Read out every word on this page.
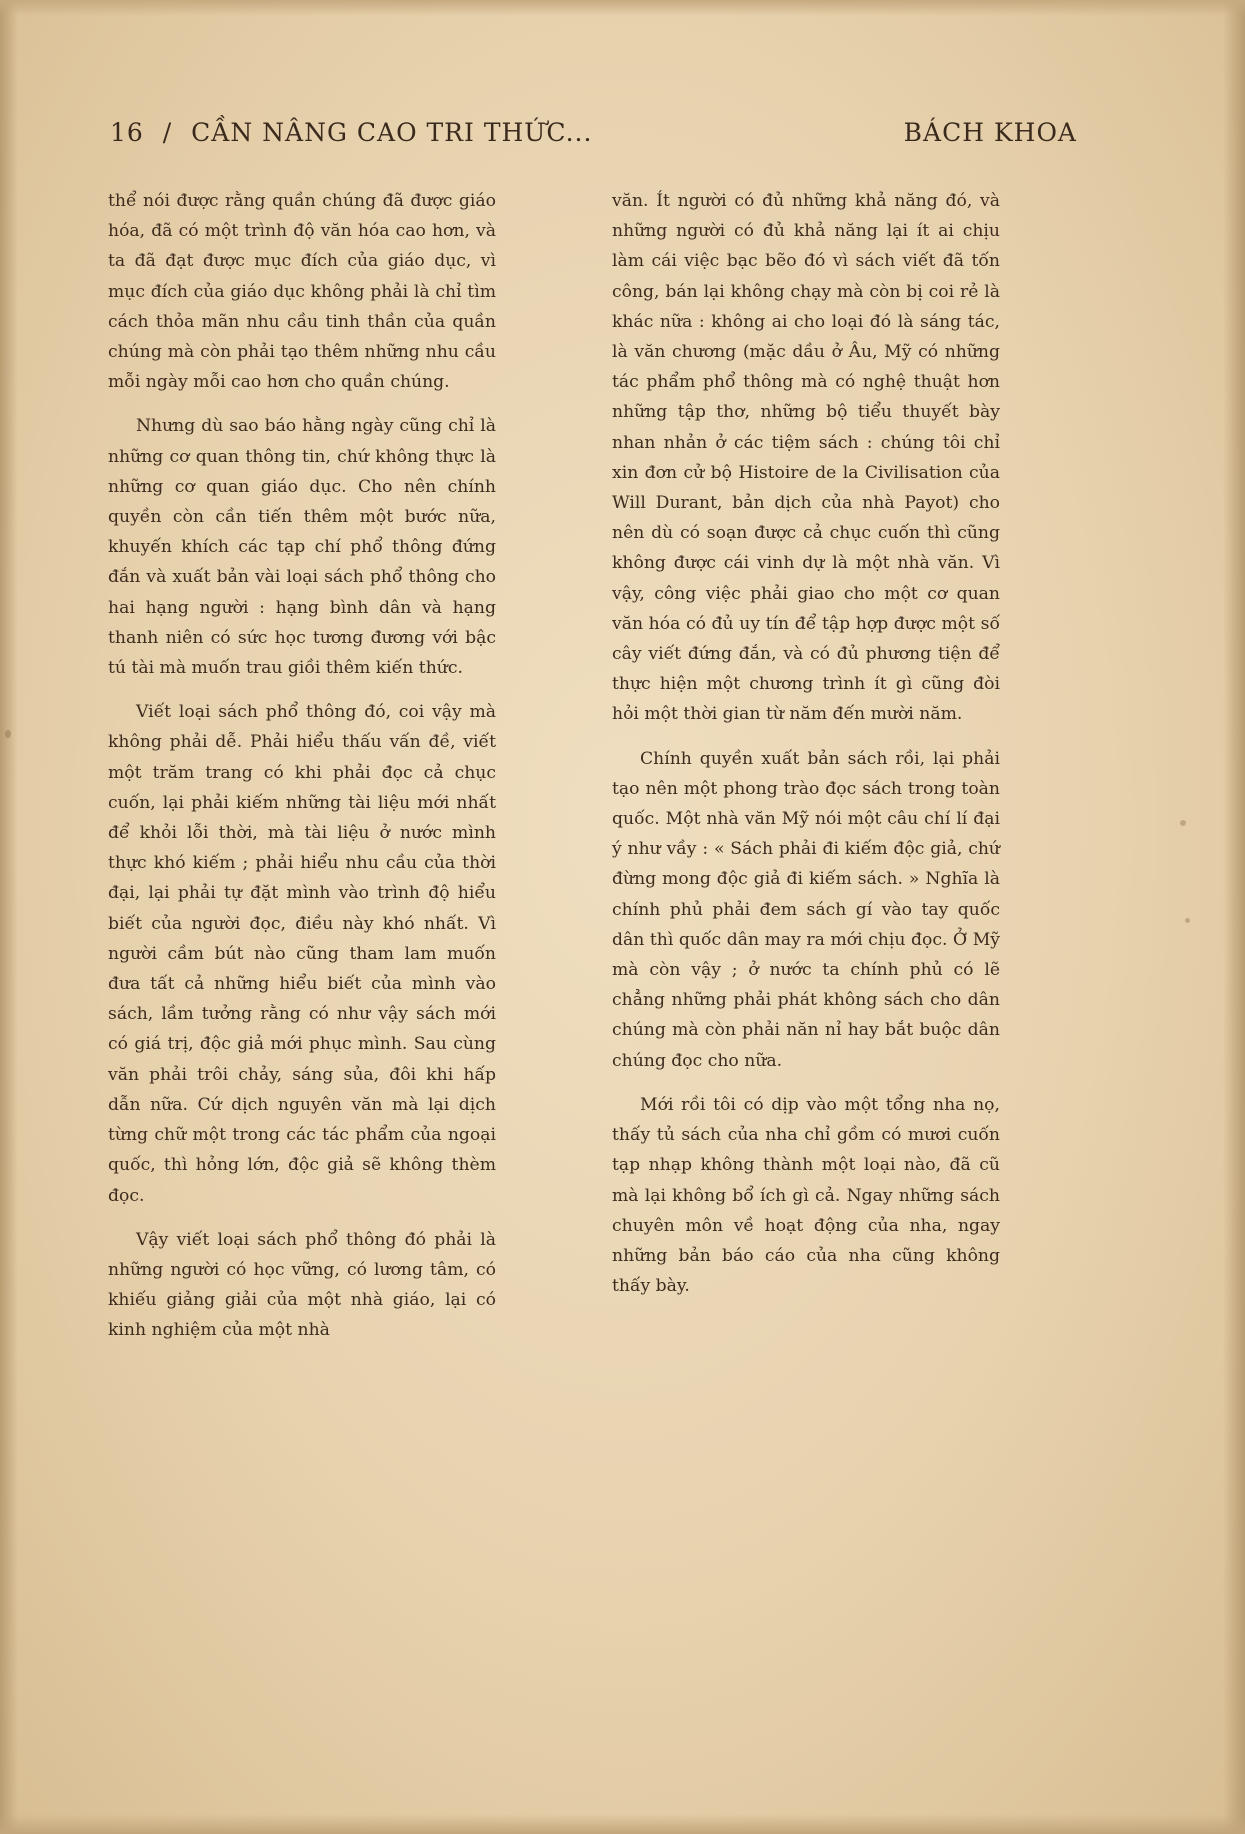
16 / CẦN NÂNG CAO TRI THỨC...	BÁCH KHOA

thể nói được rằng quần chúng đã được giáo hóa, đã có một trình độ văn hóa cao hơn, và ta đã đạt được mục đích của giáo dục, vì mục đích của giáo dục không phải là chỉ tìm cách thỏa mãn nhu cầu tinh thần của quần chúng mà còn phải tạo thêm những nhu cầu mỗi ngày mỗi cao hơn cho quần chúng.

Nhưng dù sao báo hằng ngày cũng chỉ là những cơ quan thông tin, chứ không thực là những cơ quan giáo dục. Cho nên chính quyền còn cần tiến thêm một bước nữa, khuyến khích các tạp chí phổ thông đứng đắn và xuất bản vài loại sách phổ thông cho hai hạng người : hạng bình dân và hạng thanh niên có sức học tương đương với bậc tú tài mà muốn trau giồi thêm kiến thức.

Viết loại sách phổ thông đó, coi vậy mà không phải dễ. Phải hiểu thấu vấn đề, viết một trăm trang có khi phải đọc cả chục cuốn, lại phải kiếm những tài liệu mới nhất để khỏi lỗi thời, mà tài liệu ở nước mình thực khó kiếm ; phải hiểu nhu cầu của thời đại, lại phải tự đặt mình vào trình độ hiểu biết của người đọc, điều này khó nhất. Vì người cầm bút nào cũng tham lam muốn đưa tất cả những hiểu biết của mình vào sách, lầm tưởng rằng có như vậy sách mới có giá trị, độc giả mới phục mình. Sau cùng văn phải trôi chảy, sáng sủa, đôi khi hấp dẫn nữa. Cứ dịch nguyên văn mà lại dịch từng chữ một trong các tác phẩm của ngoại quốc, thì hỏng lớn, độc giả sẽ không thèm đọc.

Vậy viết loại sách phổ thông đó phải là những người có học vững, có lương tâm, có khiếu giảng giải của một nhà giáo, lại có kinh nghiệm của một nhà

văn. Ít người có đủ những khả năng đó, và những người có đủ khả năng lại ít ai chịu làm cái việc bạc bẽo đó vì sách viết đã tốn công, bán lại không chạy mà còn bị coi rẻ là khác nữa : không ai cho loại đó là sáng tác, là văn chương (mặc dầu ở Âu, Mỹ có những tác phẩm phổ thông mà có nghệ thuật hơn những tập thơ, những bộ tiểu thuyết bày nhan nhản ở các tiệm sách : chúng tôi chỉ xin đơn cử bộ Histoire de la Civilisation của Will Durant, bản dịch của nhà Payot) cho nên dù có soạn được cả chục cuốn thì cũng không được cái vinh dự là một nhà văn. Vì vậy, công việc phải giao cho một cơ quan văn hóa có đủ uy tín để tập hợp được một số cây viết đứng đắn, và có đủ phương tiện để thực hiện một chương trình ít gì cũng đòi hỏi một thời gian từ năm đến mười năm.

Chính quyền xuất bản sách rồi, lại phải tạo nên một phong trào đọc sách trong toàn quốc. Một nhà văn Mỹ nói một câu chí lí đại ý như vầy : « Sách phải đi kiếm độc giả, chứ đừng mong độc giả đi kiếm sách. » Nghĩa là chính phủ phải đem sách gí vào tay quốc dân thì quốc dân may ra mới chịu đọc. Ở Mỹ mà còn vậy ; ở nước ta chính phủ có lẽ chẳng những phải phát không sách cho dân chúng mà còn phải năn nỉ hay bắt buộc dân chúng đọc cho nữa.

Mới rồi tôi có dịp vào một tổng nha nọ, thấy tủ sách của nha chỉ gồm có mươi cuốn tạp nhạp không thành một loại nào, đã cũ mà lại không bổ ích gì cả. Ngay những sách chuyên môn về hoạt động của nha, ngay những bản báo cáo của nha cũng không thấy bày.
